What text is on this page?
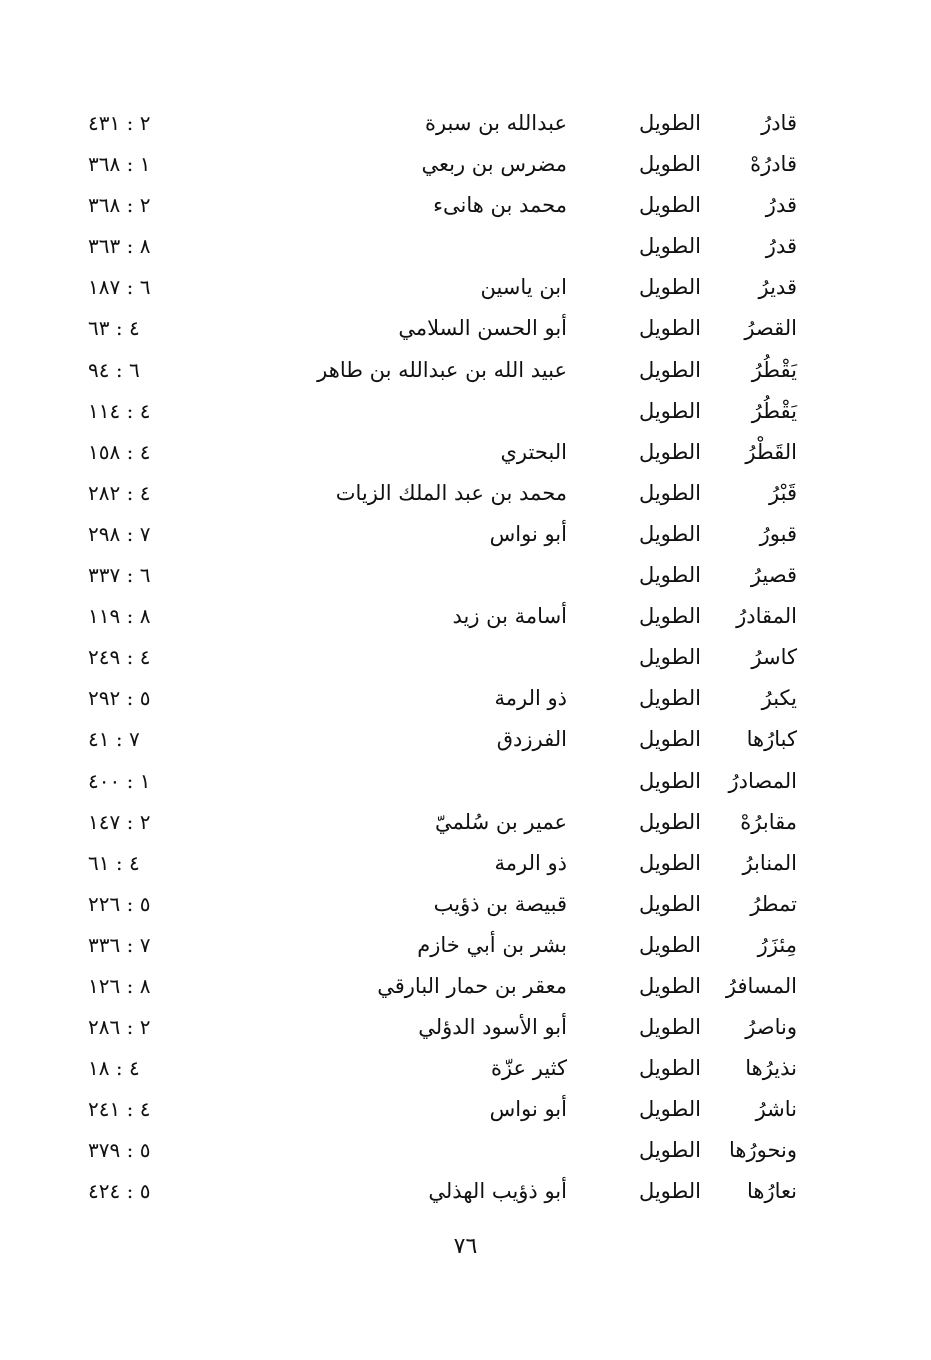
قادرُ
الطويل
عبدالله بن سبرة
٢ : ٤٣١
قادرُهْ
الطويل
مضرس بن ربعي
١ : ٣٦٨
قدرُ
الطويل
محمد بن هانىء
٢ : ٣٦٨
قدرُ
الطويل
٨ : ٣٦٣
قديرُ
الطويل
ابن ياسين
٦ : ١٨٧
القصرُ
الطويل
أبو الحسن السلامي
٤ : ٦٣
يَقْطُرُ
الطويل
عبيد الله بن عبدالله بن طاهر
٦ : ٩٤
يَقْطُرُ
الطويل
٤ : ١١٤
القَطْرُ
الطويل
البحتري
٤ : ١٥٨
قَبْرُ
الطويل
محمد بن عبد الملك الزيات
٤ : ٢٨٢
قبورُ
الطويل
أبو نواس
٧ : ٢٩٨
قصيرُ
الطويل
٦ : ٣٣٧
المقادرُ
الطويل
أسامة بن زيد
٨ : ١١٩
كاسرُ
الطويل
٤ : ٢٤٩
يكبرُ
الطويل
ذو الرمة
٥ : ٢٩٢
كبارُها
الطويل
الفرزدق
٧ : ٤١
المصادرُ
الطويل
١ : ٤٠٠
مقابرُهْ
الطويل
عمير بن سُلميّ
٢ : ١٤٧
المنابرُ
الطويل
ذو الرمة
٤ : ٦١
تمطرُ
الطويل
قبيصة بن ذؤيب
٥ : ٢٢٦
مِئزَرُ
الطويل
بشر بن أبي خازم
٧ : ٣٣٦
المسافرُ
الطويل
معقر بن حمار البارقي
٨ : ١٢٦
وناصرُ
الطويل
أبو الأسود الدؤلي
٢ : ٢٨٦
نذيرُها
الطويل
كثير عزّة
٤ : ١٨
ناشرُ
الطويل
أبو نواس
٤ : ٢٤١
ونحورُها
الطويل
٥ : ٣٧٩
نعارُها
الطويل
أبو ذؤيب الهذلي
٥ : ٤٢٤
٧٦
